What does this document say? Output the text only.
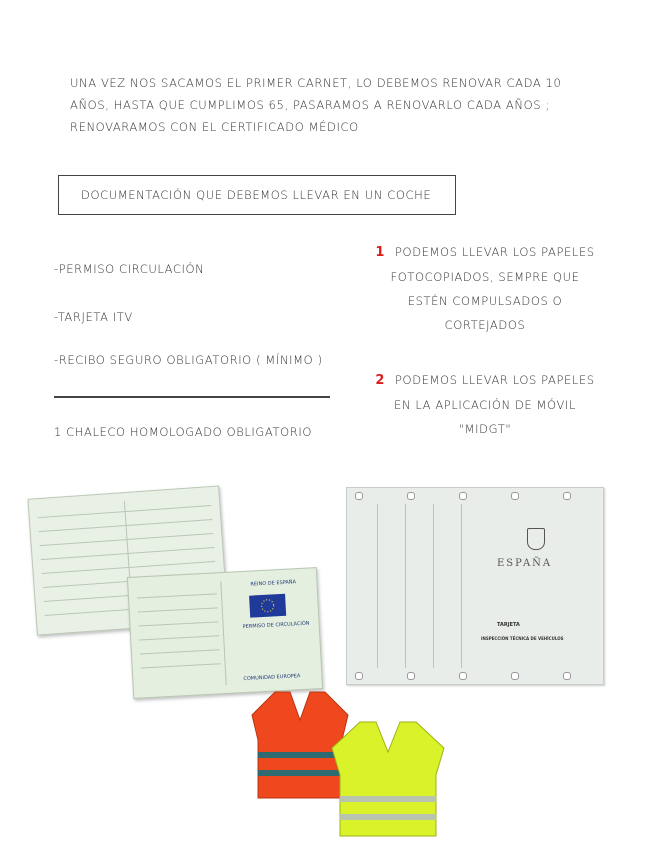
UNA VEZ NOS SACAMOS EL PRIMER CARNET, LO DEBEMOS RENOVAR CADA 10
AÑOS, HASTA QUE CUMPLIMOS 65, PASARAMOS A RENOVARLO CADA AÑOS ;
RENOVARAMOS CON EL CERTIFICADO MÉDICO
DOCUMENTACIÓN QUE DEBEMOS LLEVAR EN UN COCHE
-PERMISO CIRCULACIÓN
-TARJETA ITV
-RECIBO SEGURO OBLIGATORIO ( MÍNIMO )
1 CHALECO HOMOLOGADO OBLIGATORIO
1 PODEMOS LLEVAR LOS PAPELES
FOTOCOPIADOS, SEMPRE QUE
ESTÉN COMPULSADOS O
CORTEJADOS
2 PODEMOS LLEVAR LOS PAPELES
EN LA APLICACIÓN DE MÓVIL
"MIDGT"
REINO DE ESPAÑA
PERMISO DE CIRCULACIÓN
COMUNIDAD EUROPEA
ESPAÑA
TARJETA
INSPECCIÓN TÉCNICA DE VEHÍCULOS
